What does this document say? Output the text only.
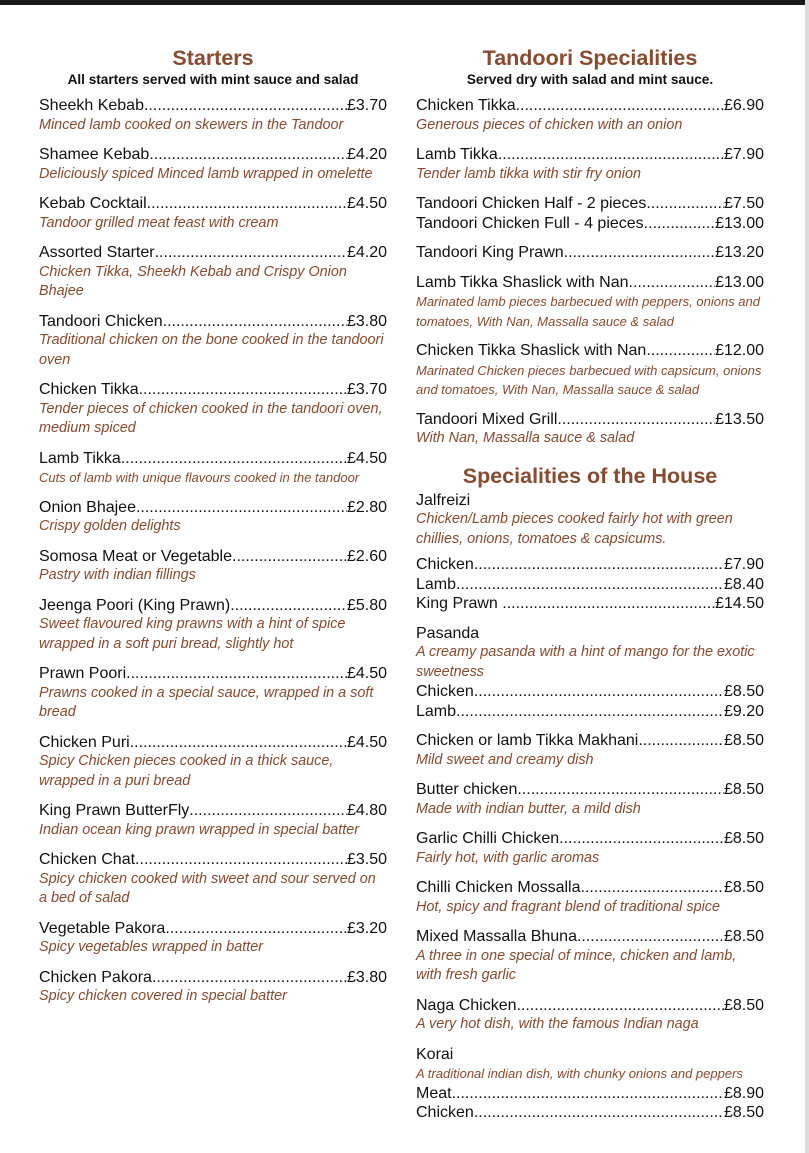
Starters
All starters served with mint sauce and salad
Sheekh Kebab .....	£3.70
Minced lamb cooked on skewers in the Tandoor
Shamee Kebab .....	£4.20
Deliciously spiced Minced lamb wrapped in omelette
Kebab Cocktail .....	£4.50
Tandoor grilled meat feast with cream
Assorted Starter .....	£4.20
Chicken Tikka, Sheekh Kebab and Crispy Onion Bhajee
Tandoori Chicken .....	£3.80
Traditional chicken on the bone cooked in the tandoori oven
Chicken Tikka .....	£3.70
Tender pieces of chicken cooked in the tandoori oven, medium spiced
Lamb Tikka .....	£4.50
Cuts of lamb with unique flavours cooked in the tandoor
Onion Bhajee .....	£2.80
Crispy golden delights
Somosa Meat or Vegetable .....	£2.60
Pastry with indian fillings
Jeenga Poori (King Prawn) .....	£5.80
Sweet flavoured king prawns with a hint of spice wrapped in a soft puri bread, slightly hot
Prawn Poori .....	£4.50
Prawns cooked in a special sauce, wrapped in a soft bread
Chicken Puri .....	£4.50
Spicy Chicken pieces cooked in a thick sauce, wrapped in a puri bread
King Prawn ButterFly .....	£4.80
Indian ocean king prawn wrapped in special batter
Chicken Chat .....	£3.50
Spicy chicken cooked with sweet and sour served on a bed of salad
Vegetable Pakora .....	£3.20
Spicy vegetables wrapped in batter
Chicken Pakora .....	£3.80
Spicy chicken covered in special batter
Tandoori Specialities
Served dry with salad and mint sauce.
Chicken Tikka .....	£6.90
Generous pieces of chicken with an onion
Lamb Tikka .....	£7.90
Tender lamb tikka with stir fry onion
Tandoori Chicken Half - 2 pieces .....	£7.50
Tandoori Chicken Full - 4 pieces .....	£13.00
Tandoori King Prawn .....	£13.20
Lamb Tikka Shaslick with Nan .....	£13.00
Marinated lamb pieces barbecued with peppers, onions and tomatoes, With Nan, Massalla sauce & salad
Chicken Tikka Shaslick with Nan .....	£12.00
Marinated Chicken pieces barbecued with capsicum, onions and tomatoes, With Nan, Massalla sauce & salad
Tandoori Mixed Grill .....	£13.50
With Nan, Massalla sauce & salad
Specialities of the House
Jalfreizi
Chicken/Lamb pieces cooked fairly hot with green chillies, onions, tomatoes & capsicums.
Chicken .....	£7.90
Lamb .....	£8.40
King Prawn .....	£14.50
Pasanda
A creamy pasanda with a hint of mango for the exotic sweetness
Chicken .....	£8.50
Lamb .....	£9.20
Chicken or lamb Tikka Makhani .....	£8.50
Mild sweet and creamy dish
Butter chicken .....	£8.50
Made with indian butter, a mild dish
Garlic Chilli Chicken .....	£8.50
Fairly hot, with garlic aromas
Chilli Chicken Mossalla .....	£8.50
Hot, spicy and fragrant blend of traditional spice
Mixed Massalla Bhuna .....	£8.50
A three in one special of mince, chicken and lamb, with fresh garlic
Naga Chicken .....	£8.50
A very hot dish, with the famous Indian naga
Korai
A traditional indian dish, with chunky onions and peppers
Meat .....	£8.90
Chicken .....	£8.50
